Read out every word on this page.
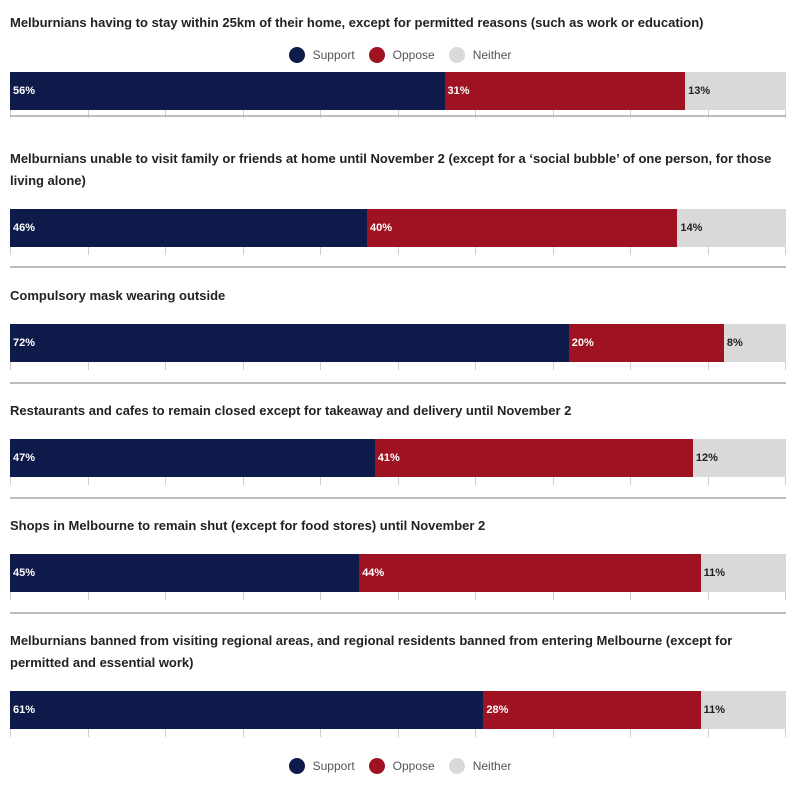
Support	Oppose	Neither
Melburnians having to stay within 25km of their home, except for permitted reasons (such as work or education)
56%	31%	13%
Melburnians unable to visit family or friends at home until November 2 (except for a ‘social bubble’ of one person, for those living alone)
46%	40%	14%
Compulsory mask wearing outside
72%	20%	8%
Restaurants and cafes to remain closed except for takeaway and delivery until November 2
47%	41%	12%
Shops in Melbourne to remain shut (except for food stores) until November 2
45%	44%	11%
Melburnians banned from visiting regional areas, and regional residents banned from entering Melbourne (except for permitted and essential work)
61%	28%	11%
Support	Oppose	Neither
